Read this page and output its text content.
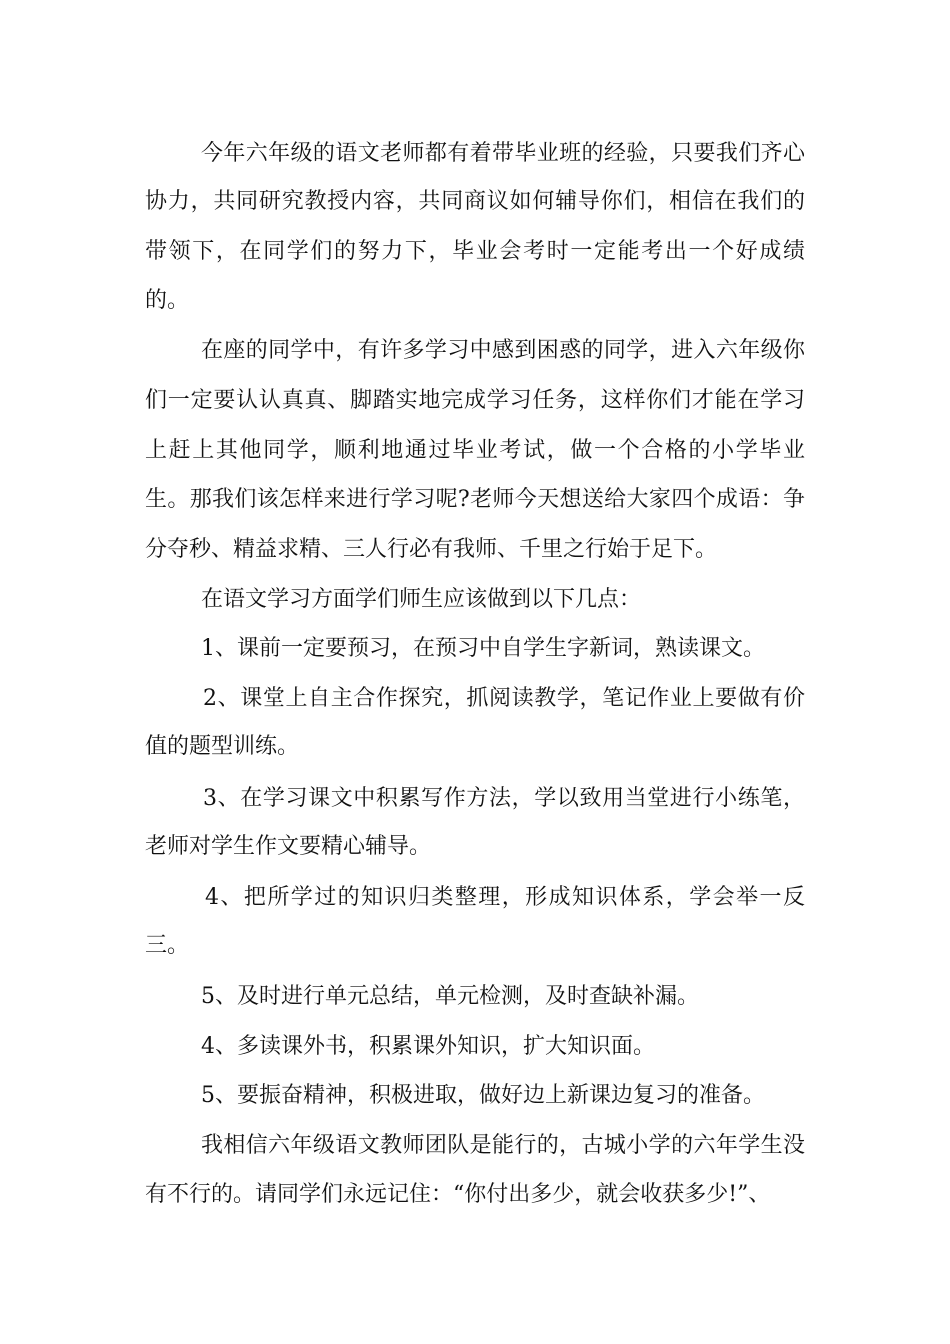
今年六年级的语文老师都有着带毕业班的经验，只要我们齐心
协力，共同研究教授内容，共同商议如何辅导你们，相信在我们的
带领下，在同学们的努力下，毕业会考时一定能考出一个好成绩
的。
在座的同学中，有许多学习中感到困惑的同学，进入六年级你
们一定要认认真真、脚踏实地完成学习任务，这样你们才能在学习
上赶上其他同学，顺利地通过毕业考试，做一个合格的小学毕业
生。那我们该怎样来进行学习呢?老师今天想送给大家四个成语：争
分夺秒、精益求精、三人行必有我师、千里之行始于足下。
在语文学习方面学们师生应该做到以下几点：
1、课前一定要预习，在预习中自学生字新词，熟读课文。
2、课堂上自主合作探究，抓阅读教学，笔记作业上要做有价
值的题型训练。
3、在学习课文中积累写作方法，学以致用当堂进行小练笔，
老师对学生作文要精心辅导。
4、把所学过的知识归类整理，形成知识体系，学会举一反
三。
5、及时进行单元总结，单元检测，及时查缺补漏。
4、多读课外书，积累课外知识，扩大知识面。
5、要振奋精神，积极进取，做好边上新课边复习的准备。
我相信六年级语文教师团队是能行的，古城小学的六年学生没
有不行的。请同学们永远记住：“你付出多少，就会收获多少!”、
